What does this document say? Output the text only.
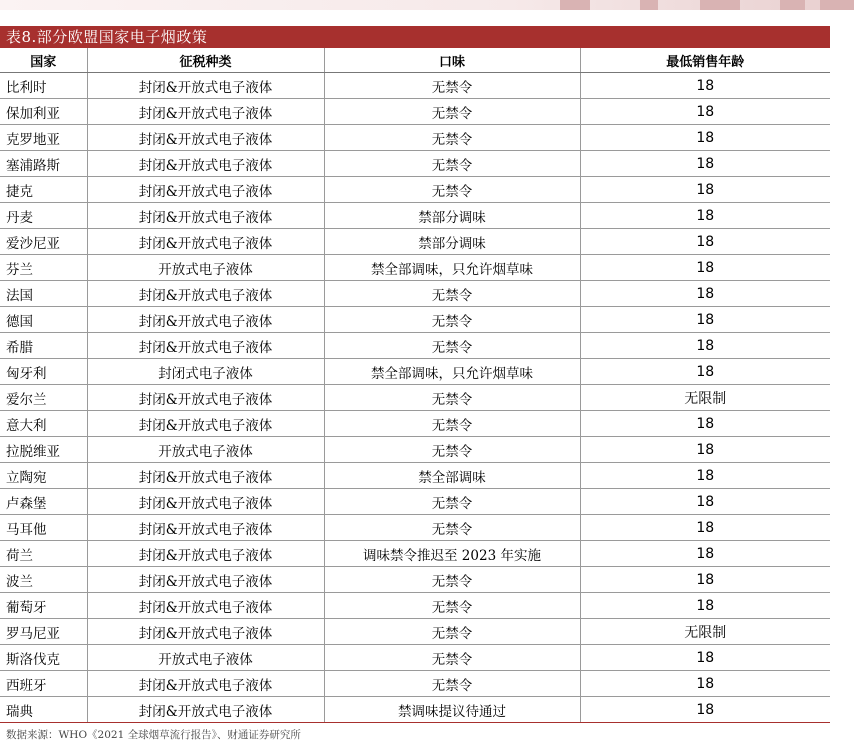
表8.部分欧盟国家电子烟政策
国家	征税种类	口味	最低销售年龄
比利时	封闭&开放式电子液体	无禁令	18
保加利亚	封闭&开放式电子液体	无禁令	18
克罗地亚	封闭&开放式电子液体	无禁令	18
塞浦路斯	封闭&开放式电子液体	无禁令	18
捷克	封闭&开放式电子液体	无禁令	18
丹麦	封闭&开放式电子液体	禁部分调味	18
爱沙尼亚	封闭&开放式电子液体	禁部分调味	18
芬兰	开放式电子液体	禁全部调味，只允许烟草味	18
法国	封闭&开放式电子液体	无禁令	18
德国	封闭&开放式电子液体	无禁令	18
希腊	封闭&开放式电子液体	无禁令	18
匈牙利	封闭式电子液体	禁全部调味，只允许烟草味	18
爱尔兰	封闭&开放式电子液体	无禁令	无限制
意大利	封闭&开放式电子液体	无禁令	18
拉脱维亚	开放式电子液体	无禁令	18
立陶宛	封闭&开放式电子液体	禁全部调味	18
卢森堡	封闭&开放式电子液体	无禁令	18
马耳他	封闭&开放式电子液体	无禁令	18
荷兰	封闭&开放式电子液体	调味禁令推迟至 2023 年实施	18
波兰	封闭&开放式电子液体	无禁令	18
葡萄牙	封闭&开放式电子液体	无禁令	18
罗马尼亚	封闭&开放式电子液体	无禁令	无限制
斯洛伐克	开放式电子液体	无禁令	18
西班牙	封闭&开放式电子液体	无禁令	18
瑞典	封闭&开放式电子液体	禁调味提议待通过	18
数据来源：WHO《2021 全球烟草流行报告》、财通证券研究所
